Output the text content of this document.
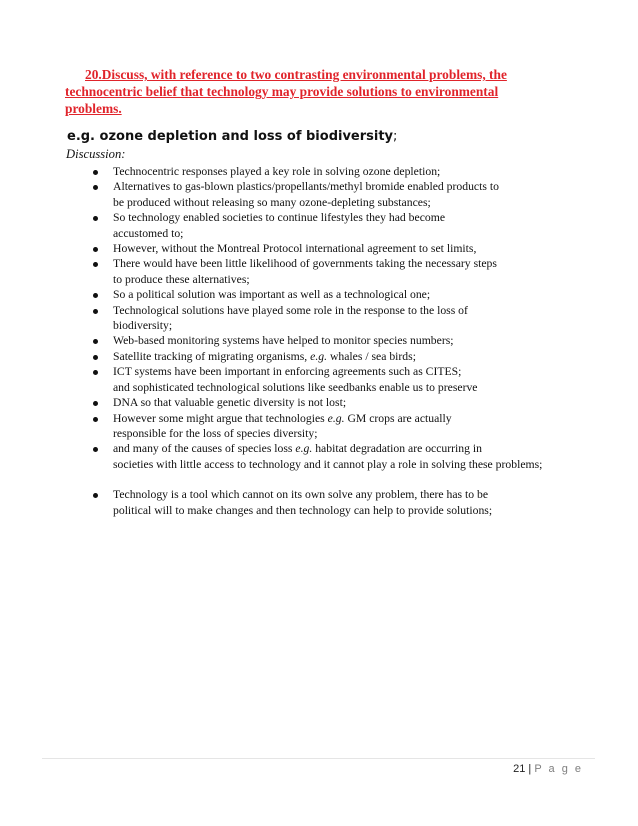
20.Discuss, with reference to two contrasting environmental problems, the
technocentric belief that technology may provide solutions to environmental
problems.
e.g. ozone depletion and loss of biodiversity;
Discussion:
Technocentric responses played a key role in solving ozone depletion;
Alternatives to gas-blown plastics/propellants/methyl bromide enabled products to
be produced without releasing so many ozone-depleting substances;
So technology enabled societies to continue lifestyles they had become
accustomed to;
However, without the Montreal Protocol international agreement to set limits,
There would have been little likelihood of governments taking the necessary steps
to produce these alternatives;
So a political solution was important as well as a technological one;
Technological solutions have played some role in the response to the loss of
biodiversity;
Web-based monitoring systems have helped to monitor species numbers;
Satellite tracking of migrating organisms, e.g. whales / sea birds;
ICT systems have been important in enforcing agreements such as CITES;
and sophisticated technological solutions like seedbanks enable us to preserve
DNA so that valuable genetic diversity is not lost;
However some might argue that technologies e.g. GM crops are actually
responsible for the loss of species diversity;
and many of the causes of species loss e.g. habitat degradation are occurring in
societies with little access to technology and it cannot play a role in solving these problems;
Technology is a tool which cannot on its own solve any problem, there has to be
political will to make changes and then technology can help to provide solutions;
21 | P a g e
